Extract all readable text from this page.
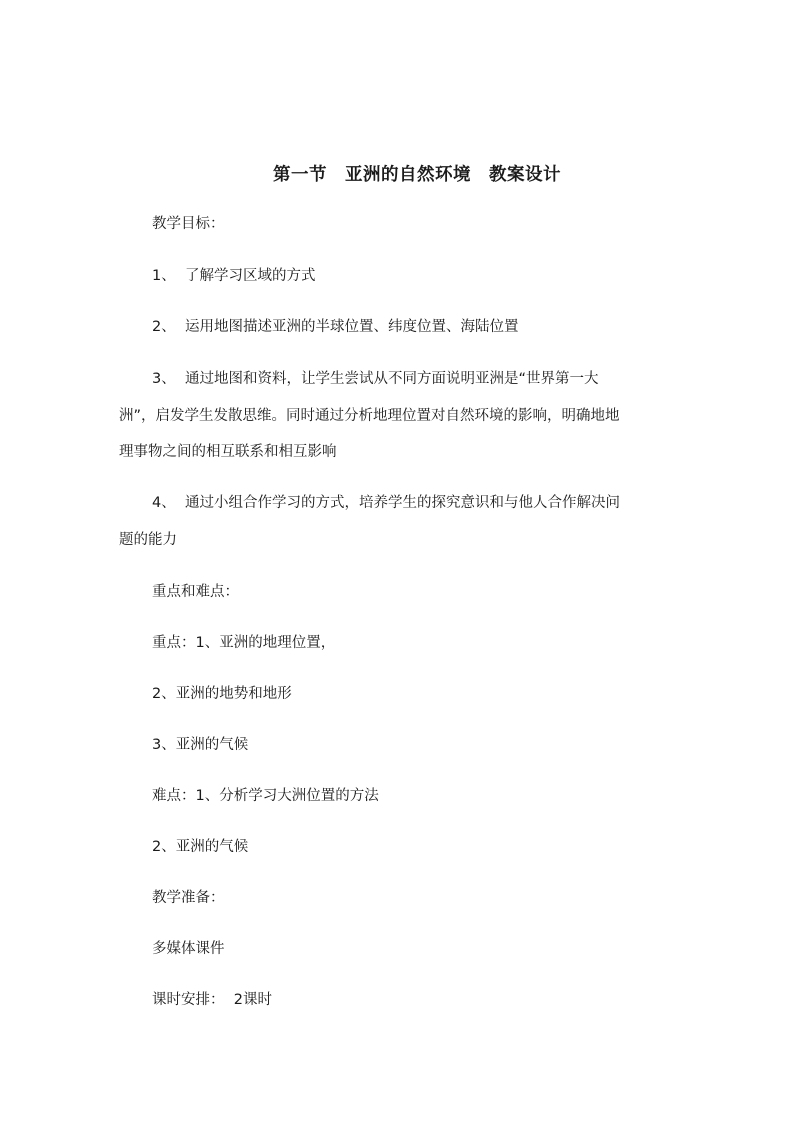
第一节　亚洲的自然环境　教案设计
教学目标：
1、  了解学习区域的方式
2、  运用地图描述亚洲的半球位置、纬度位置、海陆位置
3、  通过地图和资料，让学生尝试从不同方面说明亚洲是“世界第一大
洲”，启发学生发散思维。同时通过分析地理位置对自然环境的影响，明确地地
理事物之间的相互联系和相互影响
4、  通过小组合作学习的方式，培养学生的探究意识和与他人合作解决问
题的能力
重点和难点：
重点：1、亚洲的地理位置，
2、亚洲的地势和地形
3、亚洲的气候
难点：1、分析学习大洲位置的方法
2、亚洲的气候
教学准备：
多媒体课件
课时安排：  2课时
